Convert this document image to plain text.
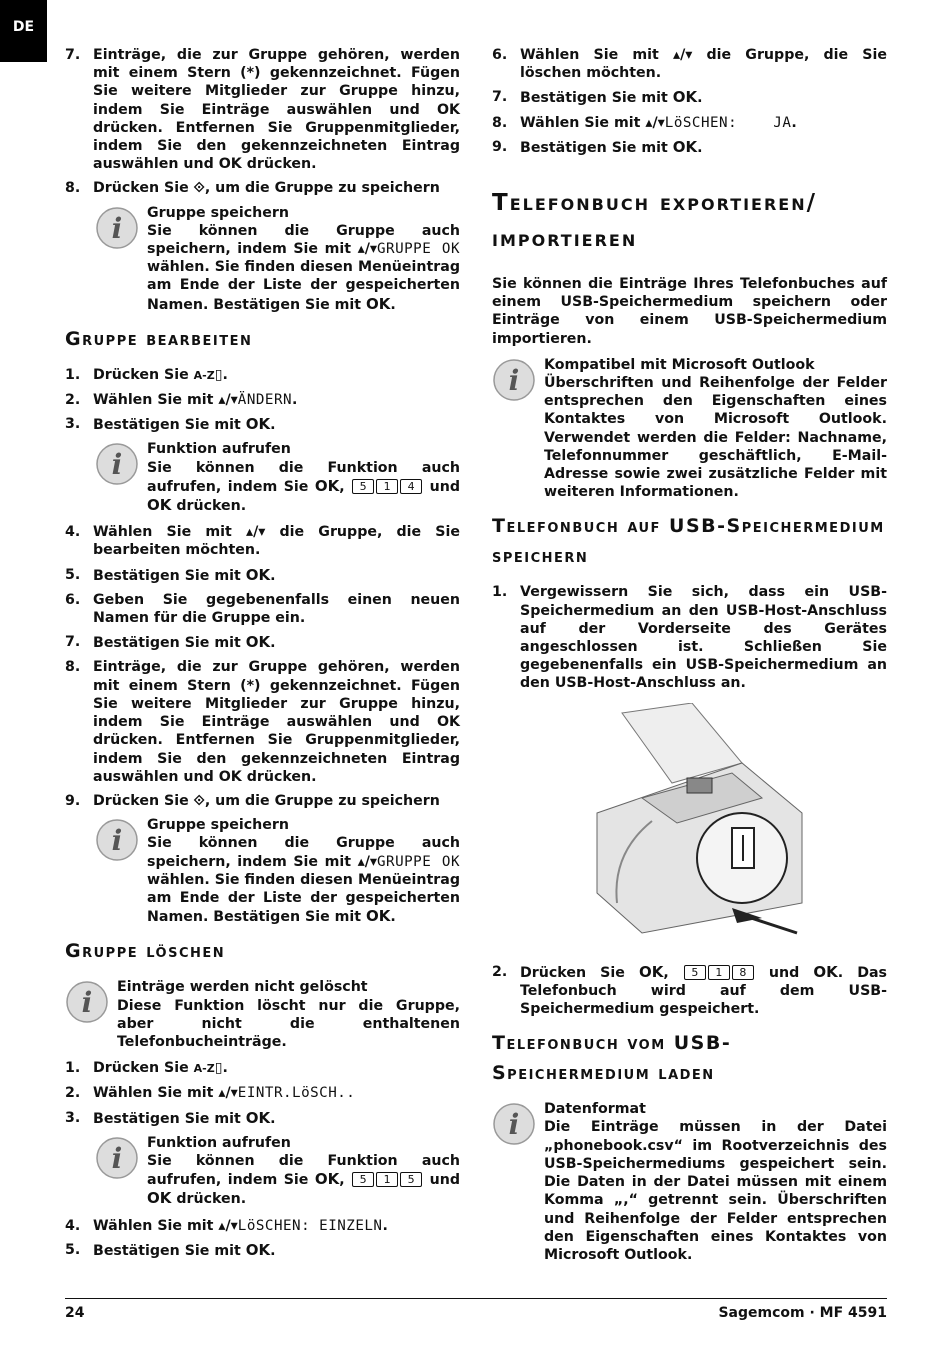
DE
7. Einträge, die zur Gruppe gehören, werden mit einem Stern (*) gekennzeichnet. Fügen Sie weitere Mitglieder zur Gruppe hinzu, indem Sie Einträge auswählen und OK drücken. Entfernen Sie Gruppenmitglieder, indem Sie den gekennzeichneten Eintrag auswählen und OK drücken.
8. Drücken Sie ⟐, um die Gruppe zu speichern
i Gruppe speichern
Sie können die Gruppe auch speichern, indem Sie mit ▴/▾GRUPPE OK wählen. Sie finden diesen Menüeintrag am Ende der Liste der gespeicherten Namen. Bestätigen Sie mit OK.
Gruppe bearbeiten
1. Drücken Sie A-Z▯.
2. Wählen Sie mit ▴/▾ÄNDERN.
3. Bestätigen Sie mit OK.
i Funktion aufrufen
Sie können die Funktion auch aufrufen, indem Sie OK, 5 1 4 und OK drücken.
4. Wählen Sie mit ▴/▾ die Gruppe, die Sie bearbeiten möchten.
5. Bestätigen Sie mit OK.
6. Geben Sie gegebenenfalls einen neuen Namen für die Gruppe ein.
7. Bestätigen Sie mit OK.
8. Einträge, die zur Gruppe gehören, werden mit einem Stern (*) gekennzeichnet. Fügen Sie weitere Mitglieder zur Gruppe hinzu, indem Sie Einträge auswählen und OK drücken. Entfernen Sie Gruppenmitglieder, indem Sie den gekennzeichneten Eintrag auswählen und OK drücken.
9. Drücken Sie ⟐, um die Gruppe zu speichern
i Gruppe speichern
Sie können die Gruppe auch speichern, indem Sie mit ▴/▾GRUPPE OK wählen. Sie finden diesen Menüeintrag am Ende der Liste der gespeicherten Namen. Bestätigen Sie mit OK.
Gruppe löschen
i Einträge werden nicht gelöscht
Diese Funktion löscht nur die Gruppe, aber nicht die enthaltenen Telefonbucheinträge.
1. Drücken Sie A-Z▯.
2. Wählen Sie mit ▴/▾EINTR.LöSCH..
3. Bestätigen Sie mit OK.
i Funktion aufrufen
Sie können die Funktion auch aufrufen, indem Sie OK, 5 1 5 und OK drücken.
4. Wählen Sie mit ▴/▾LöSCHEN: EINZELN.
5. Bestätigen Sie mit OK.
6. Wählen Sie mit ▴/▾ die Gruppe, die Sie löschen möchten.
7. Bestätigen Sie mit OK.
8. Wählen Sie mit ▴/▾LöSCHEN:    JA.
9. Bestätigen Sie mit OK.
Telefonbuch exportieren/ importieren
Sie können die Einträge Ihres Telefonbuches auf einem USB-Speichermedium speichern oder Einträge von einem USB-Speichermedium importieren.
i Kompatibel mit Microsoft Outlook
Überschriften und Reihenfolge der Felder entsprechen den Eigenschaften eines Kontaktes von Microsoft Outlook. Verwendet werden die Felder: Nachname, Telefonnummer geschäftlich, E-Mail-Adresse sowie zwei zusätzliche Felder mit weiteren Informationen.
Telefonbuch auf USB-Speichermedium speichern
1. Vergewissern Sie sich, dass ein USB-Speichermedium an den USB-Host-Anschluss auf der Vorderseite des Gerätes angeschlossen ist. Schließen Sie gegebenenfalls ein USB-Speichermedium an den USB-Host-Anschluss an.
2. Drücken Sie OK, 5 1 8 und OK. Das Telefonbuch wird auf dem USB-Speichermedium gespeichert.
Telefonbuch vom USB-Speichermedium laden
i Datenformat
Die Einträge müssen in der Datei „phonebook.csv“ im Rootverzeichnis des USB-Speichermediums gespeichert sein. Die Daten in der Datei müssen mit einem Komma „,“ getrennt sein. Überschriften und Reihenfolge der Felder entsprechen den Eigenschaften eines Kontaktes von Microsoft Outlook.
24	Sagemcom · MF 4591
